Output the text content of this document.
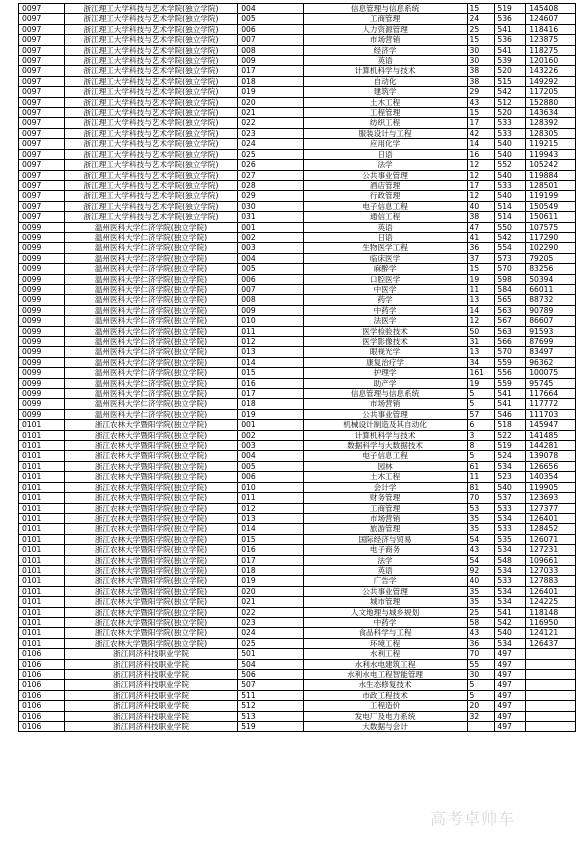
0097	浙江理工大学科技与艺术学院(独立学院)	004	信息管理与信息系统	15	519	145408
0097	浙江理工大学科技与艺术学院(独立学院)	005	工商管理	24	536	124607
0097	浙江理工大学科技与艺术学院(独立学院)	006	人力资源管理	25	541	118416
0097	浙江理工大学科技与艺术学院(独立学院)	007	市场营销	15	536	123875
0097	浙江理工大学科技与艺术学院(独立学院)	008	经济学	30	541	118275
0097	浙江理工大学科技与艺术学院(独立学院)	009	英语	30	539	120160
0097	浙江理工大学科技与艺术学院(独立学院)	017	计算机科学与技术	38	520	143226
0097	浙江理工大学科技与艺术学院(独立学院)	018	自动化	38	515	149292
0097	浙江理工大学科技与艺术学院(独立学院)	019	建筑学	29	542	117205
0097	浙江理工大学科技与艺术学院(独立学院)	020	土木工程	43	512	152880
0097	浙江理工大学科技与艺术学院(独立学院)	021	工程管理	15	520	143634
0097	浙江理工大学科技与艺术学院(独立学院)	022	纺织工程	17	533	128392
0097	浙江理工大学科技与艺术学院(独立学院)	023	服装设计与工程	42	533	128305
0097	浙江理工大学科技与艺术学院(独立学院)	024	应用化学	14	540	119215
0097	浙江理工大学科技与艺术学院(独立学院)	025	日语	16	540	119943
0097	浙江理工大学科技与艺术学院(独立学院)	026	法学	12	552	105242
0097	浙江理工大学科技与艺术学院(独立学院)	027	公共事业管理	12	540	119884
0097	浙江理工大学科技与艺术学院(独立学院)	028	酒店管理	17	533	128501
0097	浙江理工大学科技与艺术学院(独立学院)	029	行政管理	12	540	119199
0097	浙江理工大学科技与艺术学院(独立学院)	030	电子信息工程	40	514	150549
0097	浙江理工大学科技与艺术学院(独立学院)	031	通信工程	38	514	150611
0099	温州医科大学仁济学院(独立学院)	001	英语	47	550	107575
0099	温州医科大学仁济学院(独立学院)	002	日语	41	542	117290
0099	温州医科大学仁济学院(独立学院)	003	生物医学工程	36	554	102290
0099	温州医科大学仁济学院(独立学院)	004	临床医学	37	573	79205
0099	温州医科大学仁济学院(独立学院)	005	麻醉学	15	570	83256
0099	温州医科大学仁济学院(独立学院)	006	口腔医学	19	598	50394
0099	温州医科大学仁济学院(独立学院)	007	中医学	11	584	66011
0099	温州医科大学仁济学院(独立学院)	008	药学	13	565	88732
0099	温州医科大学仁济学院(独立学院)	009	中药学	14	563	90789
0099	温州医科大学仁济学院(独立学院)	010	法医学	12	567	86607
0099	温州医科大学仁济学院(独立学院)	011	医学检验技术	50	563	91593
0099	温州医科大学仁济学院(独立学院)	012	医学影像技术	31	566	87699
0099	温州医科大学仁济学院(独立学院)	013	眼视光学	13	570	83497
0099	温州医科大学仁济学院(独立学院)	014	康复治疗学	34	559	96362
0099	温州医科大学仁济学院(独立学院)	015	护理学	161	556	100075
0099	温州医科大学仁济学院(独立学院)	016	助产学	19	559	95745
0099	温州医科大学仁济学院(独立学院)	017	信息管理与信息系统	5	541	117664
0099	温州医科大学仁济学院(独立学院)	018	市场营销	5	541	117772
0099	温州医科大学仁济学院(独立学院)	019	公共事业管理	57	546	111703
0101	浙江农林大学暨阳学院(独立学院)	001	机械设计制造及其自动化	6	518	145947
0101	浙江农林大学暨阳学院(独立学院)	002	计算机科学与技术	3	522	141485
0101	浙江农林大学暨阳学院(独立学院)	003	数据科学与大数据技术	8	519	144281
0101	浙江农林大学暨阳学院(独立学院)	004	电子信息工程	5	524	139078
0101	浙江农林大学暨阳学院(独立学院)	005	园林	61	534	126656
0101	浙江农林大学暨阳学院(独立学院)	006	土木工程	11	523	140354
0101	浙江农林大学暨阳学院(独立学院)	010	会计学	81	540	119905
0101	浙江农林大学暨阳学院(独立学院)	011	财务管理	70	537	123693
0101	浙江农林大学暨阳学院(独立学院)	012	工商管理	53	533	127377
0101	浙江农林大学暨阳学院(独立学院)	013	市场营销	35	534	126401
0101	浙江农林大学暨阳学院(独立学院)	014	旅游管理	35	533	128452
0101	浙江农林大学暨阳学院(独立学院)	015	国际经济与贸易	54	535	126071
0101	浙江农林大学暨阳学院(独立学院)	016	电子商务	43	534	127231
0101	浙江农林大学暨阳学院(独立学院)	017	法学	54	548	109661
0101	浙江农林大学暨阳学院(独立学院)	018	英语	92	534	127033
0101	浙江农林大学暨阳学院(独立学院)	019	广告学	40	533	127883
0101	浙江农林大学暨阳学院(独立学院)	020	公共事业管理	35	534	126401
0101	浙江农林大学暨阳学院(独立学院)	021	城市管理	35	534	124225
0101	浙江农林大学暨阳学院(独立学院)	022	人文地理与城乡规划	25	541	118148
0101	浙江农林大学暨阳学院(独立学院)	023	中药学	58	542	116950
0101	浙江农林大学暨阳学院(独立学院)	024	食品科学与工程	43	540	124121
0101	浙江农林大学暨阳学院(独立学院)	025	环境工程	36	534	126437
0106	浙江同济科技职业学院	501	水利工程	70	497	
0106	浙江同济科技职业学院	504	水利水电建筑工程	55	497	
0106	浙江同济科技职业学院	506	水利水电工程智能管理	30	497	
0106	浙江同济科技职业学院	507	水生态修复技术	5	497	
0106	浙江同济科技职业学院	511	市政工程技术	5	497	
0106	浙江同济科技职业学院	512	工程造价	20	497	
0106	浙江同济科技职业学院	513	发电厂及电力系统	32	497	
0106	浙江同济科技职业学院	519	大数据与会计		497	
高考卓帅车
